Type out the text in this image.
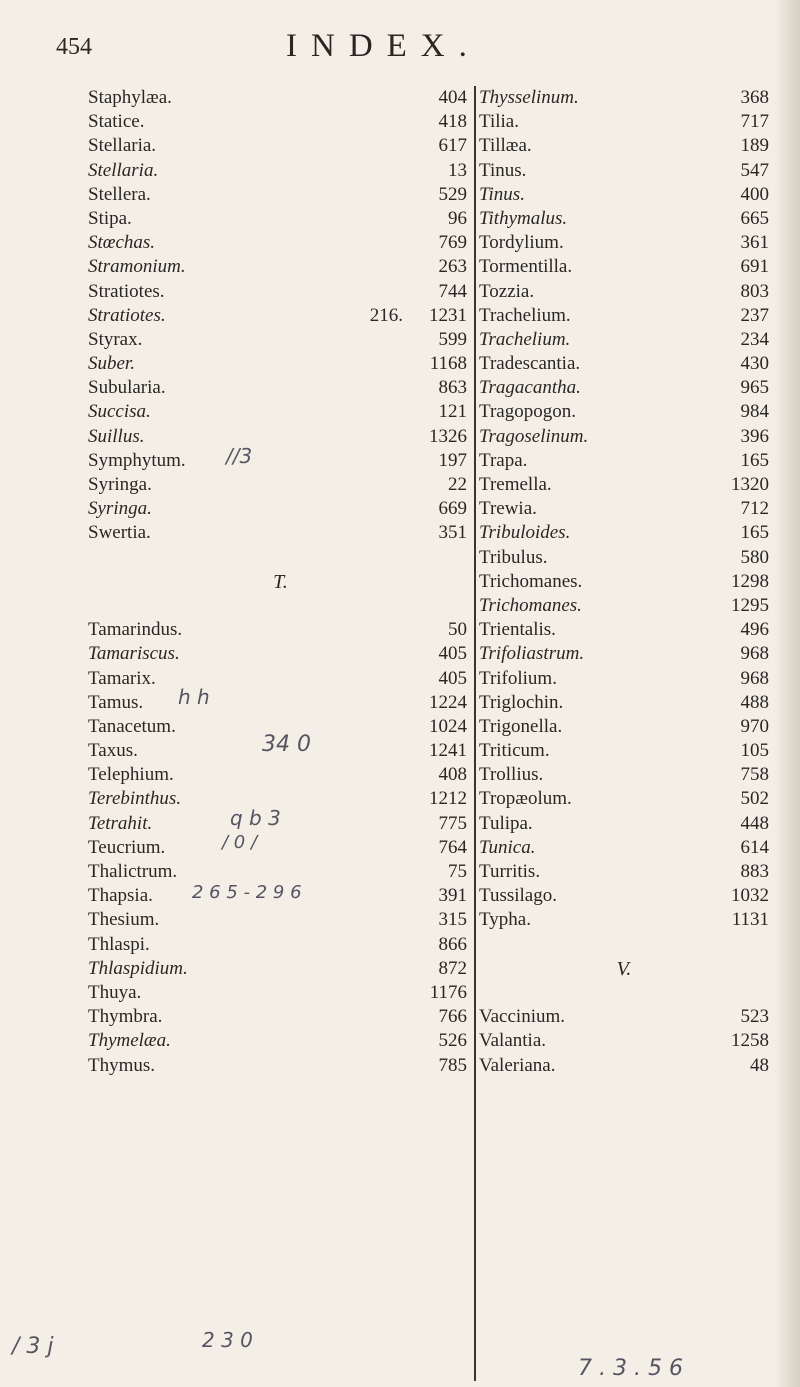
454	INDEX.
Staphylæa.	404
Statice.	418
Stellaria.	617
Stellaria.	13
Stellera.	529
Stipa.	96
Stœchas.	769
Stramonium.	263
Stratiotes.	744
Stratiotes.	216. 1231
Styrax.	599
Suber.	1168
Subularia.	863
Succisa.	121
Suillus.	1326
Symphytum.	197
Syringa.	22
Syringa.	669
Swertia.	351
T.
Tamarindus.	50
Tamariscus.	405
Tamarix.	405
Tamus.	1224
Tanacetum.	1024
Taxus.	1241
Telephium.	408
Terebinthus.	1212
Tetrahit.	775
Teucrium.	764
Thalictrum.	75
Thapsia.	391
Thesium.	315
Thlaspi.	866
Thlaspidium.	872
Thuya.	1176
Thymbra.	766
Thymelæa.	526
Thymus.	785
Thysselinum.	368
Tilia.	717
Tillæa.	189
Tinus.	547
Tinus.	400
Tithymalus.	665
Tordylium.	361
Tormentilla.	691
Tozzia.	803
Trachelium.	237
Trachelium.	234
Tradescantia.	430
Tragacantha.	965
Tragopogon.	984
Tragoselinum.	396
Trapa.	165
Tremella.	1320
Trewia.	712
Tribuloides.	165
Tribulus.	580
Trichomanes.	1298
Trichomanes.	1295
Trientalis.	496
Trifoliastrum.	968
Trifolium.	968
Triglochin.	488
Trigonella.	970
Triticum.	105
Trollius.	758
Tropæolum.	502
Tulipa.	448
Tunica.	614
Turritis.	883
Tussilago.	1032
Typha.	1131
V.
Vaccinium.	523
Valantia.	1258
Valeriana.	48
/ 3 j
//3
h h
34 0
q b 3
/ 0 /
2 6 5 - 2 9 6
2 3 0
7 . 3 . 5 6
